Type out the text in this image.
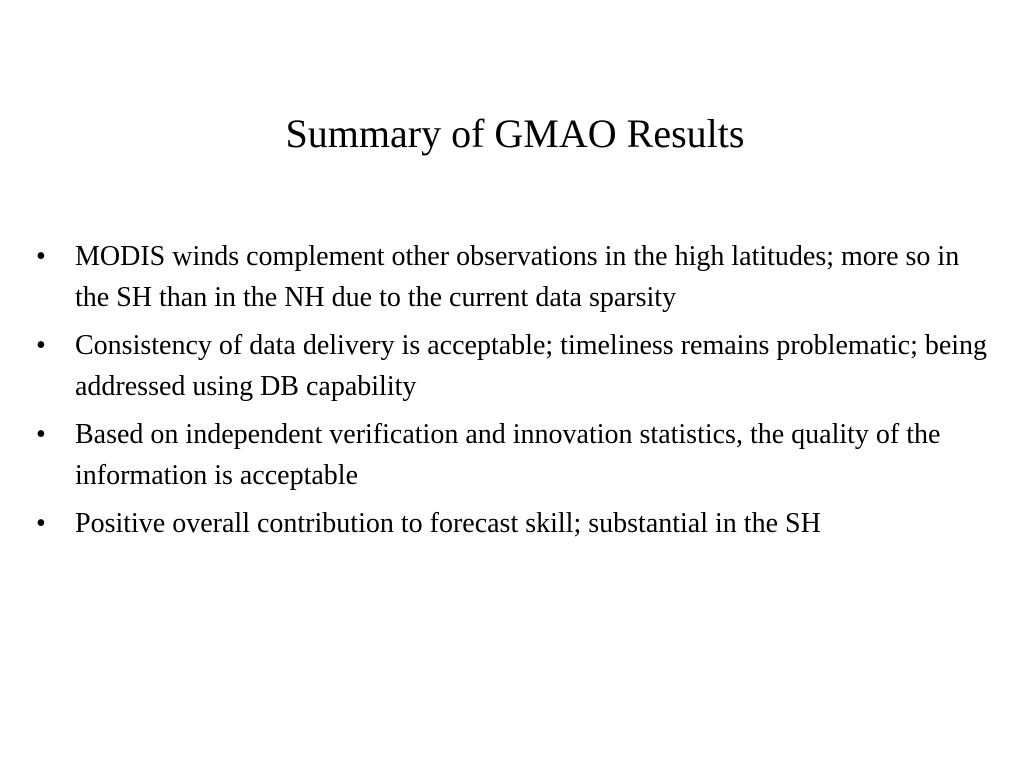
Summary of GMAO Results
•	MODIS winds complement other observations in the high latitudes; more so in the SH than in the NH due to the current data sparsity
•	Consistency of data delivery is acceptable; timeliness remains problematic; being addressed using DB capability
•	Based on independent verification and innovation statistics, the quality of the information is acceptable
•	Positive overall contribution to forecast skill; substantial in the SH
